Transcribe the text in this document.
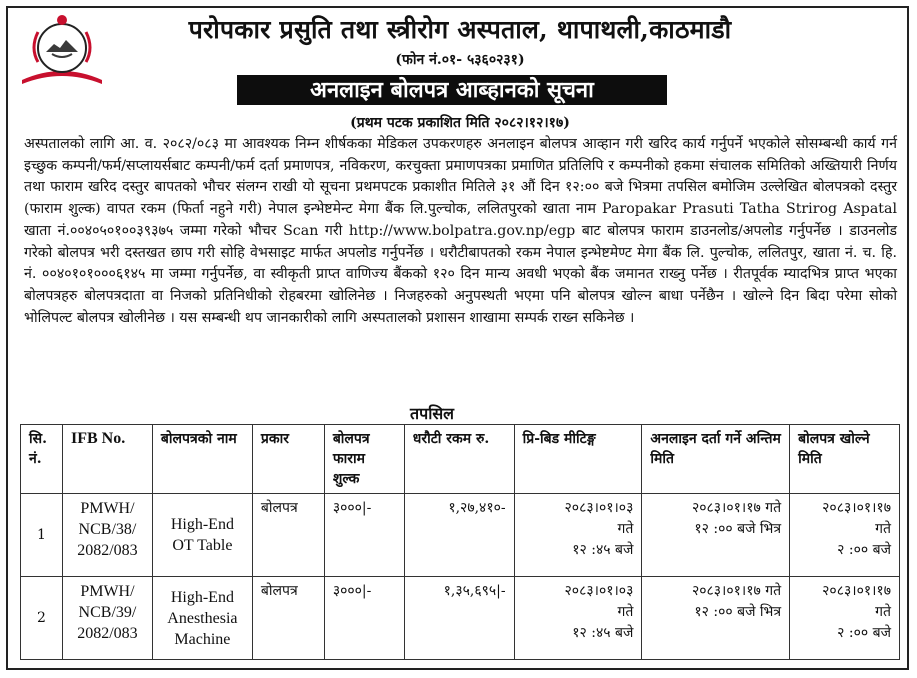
परोपकार प्रसुति तथा स्त्रीरोग अस्पताल, थापाथली,काठमाडौ
(फोन नं.०१- ५३६०२३१)
अनलाइन बोलपत्र आब्हानको सूचना
(प्रथम पटक प्रकाशित मिति २०८२।१२।१७)

अस्पतालको लागि आ. व. २०८२/०८३ मा आवश्यक निम्न शीर्षकका मेडिकल उपकरणहरु अनलाइन बोलपत्र आव्हान गरी खरिद कार्य गर्नुपर्ने भएकोले सोसम्बन्धी कार्य गर्न इच्छुक कम्पनी/फर्म/सप्लायर्सबाट कम्पनी/फर्म दर्ता प्रमाणपत्र, नविकरण, करचुक्ता प्रमाणपत्रका प्रमाणित प्रतिलिपि र कम्पनीको हकमा संचालक समितिको अख्तियारी निर्णय तथा फाराम खरिद दस्तुर बापतको भौचर संलग्न राखी यो सूचना प्रथमपटक प्रकाशीत मितिले ३१ औं दिन १२:०० बजे भित्रमा तपसिल बमोजिम उल्लेखित बोलपत्रको दस्तुर (फाराम शुल्क) वापत रकम (फिर्ता नहुने गरी) नेपाल इन्भेष्टमेन्ट मेगा बैंक लि.पुल्चोक, ललितपुरको खाता नाम Paropakar Prasuti Tatha Strirog Aspatal खाता नं.००४०५०१००३९३७५ जम्मा गरेको भौचर Scan गरी http://www.bolpatra.gov.np/egp बाट बोलपत्र फाराम डाउनलोड/अपलोड गर्नुपर्नेछ । डाउनलोड गरेको बोलपत्र भरी दस्तखत छाप गरी सोहि वेभसाइट मार्फत अपलोड गर्नुपर्नेछ । धरौटीबापतको रकम नेपाल इन्भेष्टमेण्ट मेगा बैंक लि. पुल्चोक, ललितपुर, खाता नं. च. हि. नं. ००४०१०१०००६१४५ मा जम्मा गर्नुपर्नेछ, वा स्वीकृती प्राप्त वाणिज्य बैंकको १२० दिन मान्य अवधी भएको बैंक जमानत राख्नु पर्नेछ । रीतपूर्वक म्यादभित्र प्राप्त भएका बोलपत्रहरु बोलपत्रदाता वा निजको प्रतिनिधीको रोहबरमा खोलिनेछ । निजहरुको अनुपस्थती भएमा पनि बोलपत्र खोल्न बाधा पर्नेछैन । खोल्ने दिन बिदा परेमा सोको भोलिपल्ट बोलपत्र खोलीनेछ । यस सम्बन्धी थप जानकारीको लागि अस्पतालको प्रशासन शाखामा सम्पर्क राख्न सकिनेछ ।

तपसिल
सि. नं.	IFB No.	बोलपत्रको नाम	प्रकार	बोलपत्र फाराम शुल्क	धरौटी रकम रु.	प्रि-बिड मीटिङ्ग	अनलाइन दर्ता गर्ने अन्तिम मिति	बोलपत्र खोल्ने मिति
1	PMWH/
NCB/38/
2082/083	High-End
OT Table	बोलपत्र	३०००|-	१,२७,४१०-	२०८३।०१।०३
गते
१२ :४५ बजे	२०८३।०१।१७ गते
१२ :०० बजे भित्र	२०८३।०१।१७
गते
२ :०० बजे
2	PMWH/
NCB/39/
2082/083	High-End
Anesthesia
Machine	बोलपत्र	३०००|-	१,३५,६९५|-	२०८३।०१।०३
गते
१२ :४५ बजे	२०८३।०१।१७ गते
१२ :०० बजे भित्र	२०८३।०१।१७
गते
२ :०० बजे
